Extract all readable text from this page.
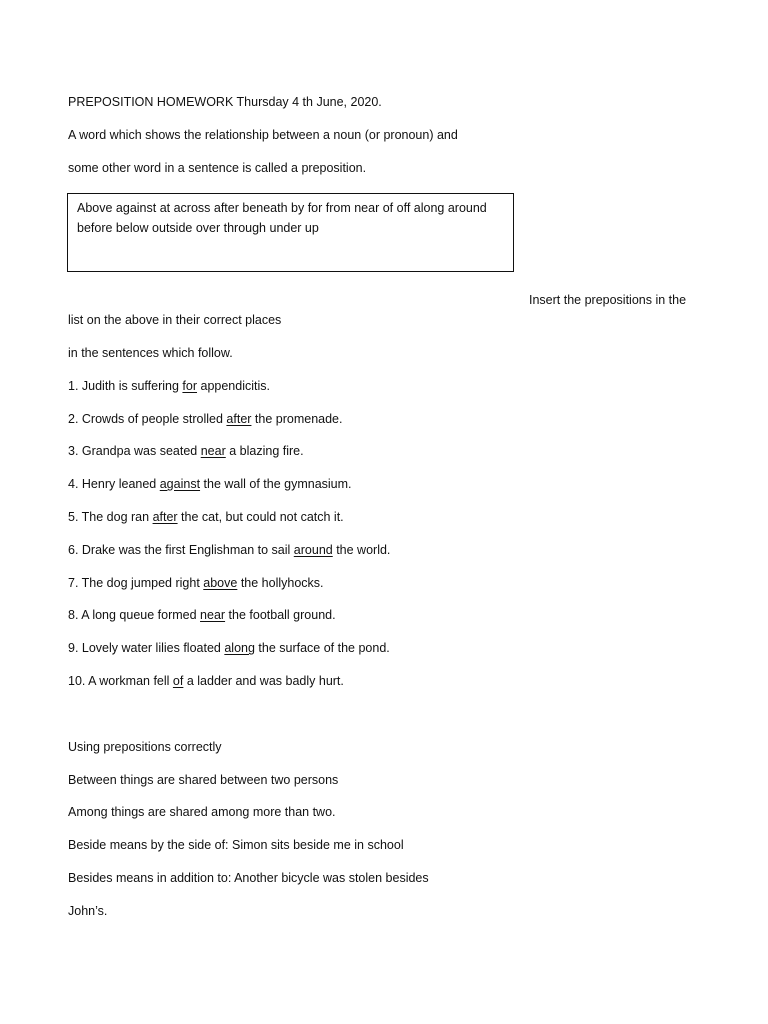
PREPOSITION HOMEWORK Thursday 4 th June, 2020.

A word which shows the relationship between a noun (or pronoun) and

some other word in a sentence is called a preposition.

Above against at across after beneath by for from near of off along around

before below outside over through under up

Insert the prepositions in the

list on the above in their correct places

in the sentences which follow.

1. Judith is suffering for appendicitis.

2. Crowds of people strolled after the promenade.

3. Grandpa was seated near a blazing fire.

4. Henry leaned against the wall of the gymnasium.

5. The dog ran after the cat, but could not catch it.

6. Drake was the first Englishman to sail around the world.

7. The dog jumped right above the hollyhocks.

8. A long queue formed near the football ground.

9. Lovely water lilies floated along the surface of the pond.

10. A workman fell of a ladder and was badly hurt.

Using prepositions correctly

Between things are shared between two persons

Among things are shared among more than two.

Beside means by the side of: Simon sits beside me in school

Besides means in addition to: Another bicycle was stolen besides

John’s.
